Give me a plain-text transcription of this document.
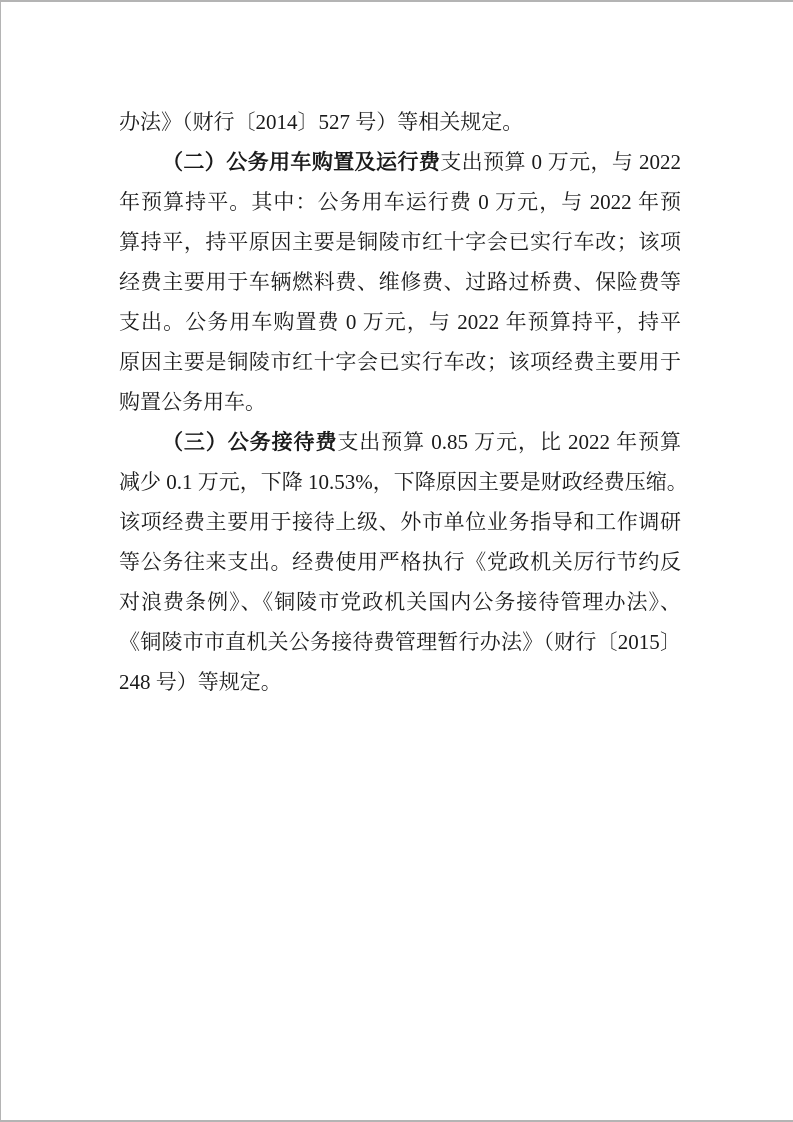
办法》（财行〔2014〕527 号）等相关规定。
（二）公务用车购置及运行费支出预算 0 万元，与 2022
年预算持平。其中：公务用车运行费 0 万元，与 2022 年预
算持平，持平原因主要是铜陵市红十字会已实行车改；该项
经费主要用于车辆燃料费、维修费、过路过桥费、保险费等
支出。公务用车购置费 0 万元，与 2022 年预算持平，持平
原因主要是铜陵市红十字会已实行车改；该项经费主要用于
购置公务用车。
（三）公务接待费支出预算 0.85 万元，比 2022 年预算
减少 0.1 万元，下降 10.53%，下降原因主要是财政经费压缩。
该项经费主要用于接待上级、外市单位业务指导和工作调研
等公务往来支出。经费使用严格执行《党政机关厉行节约反
对浪费条例》、《铜陵市党政机关国内公务接待管理办法》、
《铜陵市市直机关公务接待费管理暂行办法》（财行〔2015〕
248 号）等规定。
